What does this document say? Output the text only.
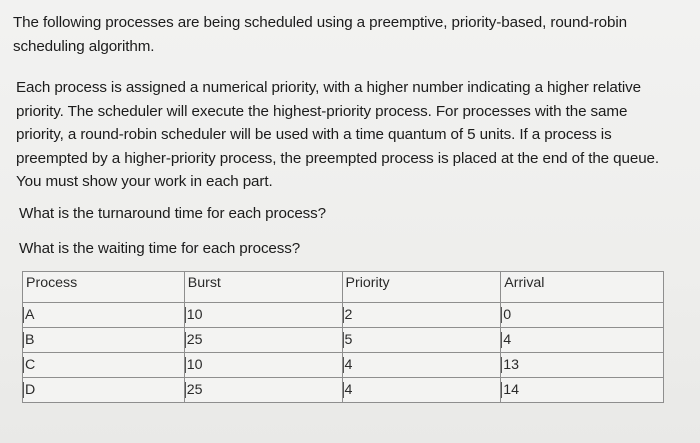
The following processes are being scheduled using a preemptive, priority-based, round-robin scheduling algorithm.

Each process is assigned a numerical priority, with a higher number indicating a higher relative priority. The scheduler will execute the highest-priority process. For processes with the same priority, a round-robin scheduler will be used with a time quantum of 5 units. If a process is preempted by a higher-priority process, the preempted process is placed at the end of the queue. You must show your work in each part.

What is the turnaround time for each process?

What is the waiting time for each process?

Process	Burst	Priority	Arrival
A	10	2	0
B	25	5	4
C	10	4	13
D	25	4	14
